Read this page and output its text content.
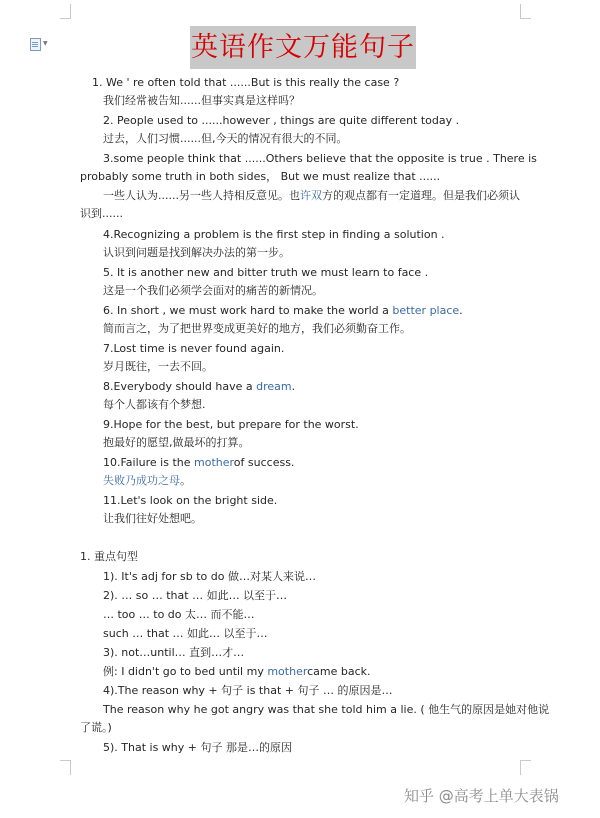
▼	英语作文万能句子
1. We ' re often told that ......But is this really the case ?
我们经常被告知......但事实真是这样吗？
2. People used to ......however , things are quite different today .
过去，人们习惯......但,今天的情况有很大的不同。
3.some people think that ......Others believe that the opposite is true . There is
probably some truth in both sides， But we must realize that ......
一些人认为......另一些人持相反意见。也许双方的观点都有一定道理。但是我们必须认
识到......
4.Recognizing a problem is the first step in finding a solution .
认识到问题是找到解决办法的第一步。
5. It is another new and bitter truth we must learn to face .
这是一个我们必须学会面对的痛苦的新情况。
6. In short , we must work hard to make the world a better place.
简而言之，为了把世界变成更美好的地方，我们必须勤奋工作。
7.Lost time is never found again.
岁月既往，一去不回。
8.Everybody should have a dream.
每个人都该有个梦想.
9.Hope for the best, but prepare for the worst.
抱最好的愿望,做最坏的打算。
10.Failure is the motherof success.
失败乃成功之母。
11.Let's look on the bright side.
让我们往好处想吧。
1. 重点句型
1). It's adj for sb to do 做…对某人来说…
2). … so … that … 如此… 以至于…
… too … to do 太… 而不能…
such … that … 如此… 以至于…
3). not…until… 直到…才…
例: I didn't go to bed until my mothercame back.
4).The reason why + 句子 is that + 句子 … 的原因是…
The reason why he got angry was that she told him a lie. ( 他生气的原因是她对他说
了谎。)
5). That is why + 句子 那是…的原因
知乎 @高考上单大表锅
